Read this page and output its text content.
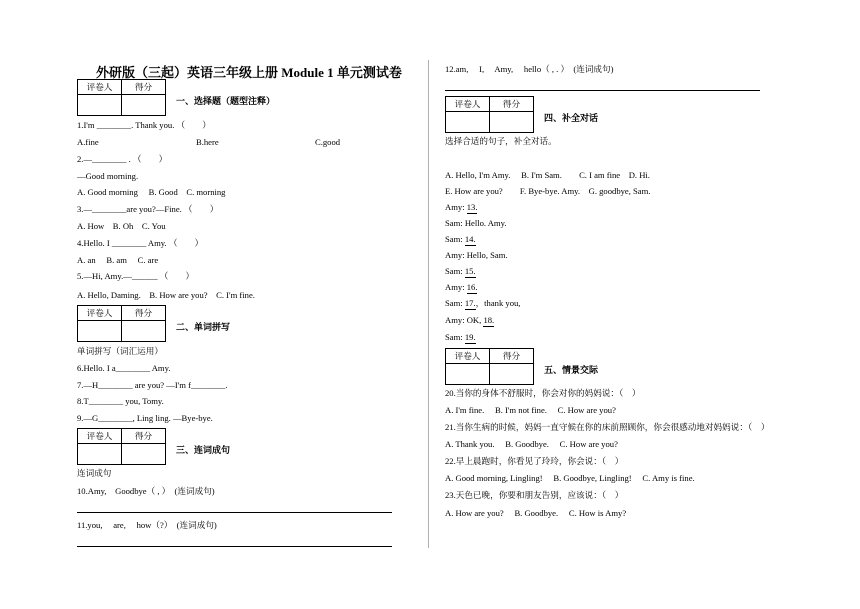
外研版（三起）英语三年级上册 Module 1 单元测试卷
评卷人	得分

一、选择题（题型注释）
1.I'm ________. Thank you. （　　）
A.fine	B.here	C.good
2.—________ . （　　）
—Good morning.
A. Good morning　 B. Good　C. morning
3.—________are you?—Fine. （　　）
A. How　B. Oh　C. You
4.Hello. I ________ Amy. （　　）
A. an　 B. am　 C. are
5.—Hi, Amy.—______ （　　）
A. Hello, Daming.　B. How are you?　C. I'm fine.
评卷人	得分

二、单词拼写
单词拼写（词汇运用）
6.Hello. I a________ Amy.
7.—H________ are you? —I'm f________.
8.T________ you, Tomy.
9.—G________, Ling ling. —Bye-bye.
评卷人	得分

三、连词成句
连词成句
10.Amy,　Goodbye（ , ）　(连词成句)
11.you,　 are,　 how（?）　(连词成句)
12.am,　 I,　 Amy,　 hello（ , . ）　(连词成句)
评卷人	得分

四、补全对话
选择合适的句子，补全对话。
A. Hello, I'm Amy.　 B. I'm Sam.　　C. I am fine　D. Hi.
E. How are you?　　F. Bye-bye. Amy.　G. goodbye, Sam.
Amy: 13.
Sam: Hello. Amy.
Sam: 14.
Amy: Hello, Sam.
Sam: 15.
Amy: 16.
Sam: 17.，thank you,
Amy: OK, 18.
Sam: 19.
评卷人	得分

五、情景交际
20.当你的身体不舒服时，你会对你的妈妈说：（　）
A. I'm fine.　 B. I'm not fine.　 C. How are you?
21.当你生病的时候，妈妈一直守候在你的床前照顾你，你会很感动地对妈妈说：（　）
A. Thank you.　 B. Goodbye.　 C. How are you?
22.早上晨跑时，你看见了玲玲，你会说：（　）
A. Good morning, Lingling!　 B. Goodbye, Lingling!　 C. Amy is fine.
23.天色已晚，你要和朋友告别，应该说：（　）
A. How are you?　 B. Goodbye.　 C. How is Amy?
